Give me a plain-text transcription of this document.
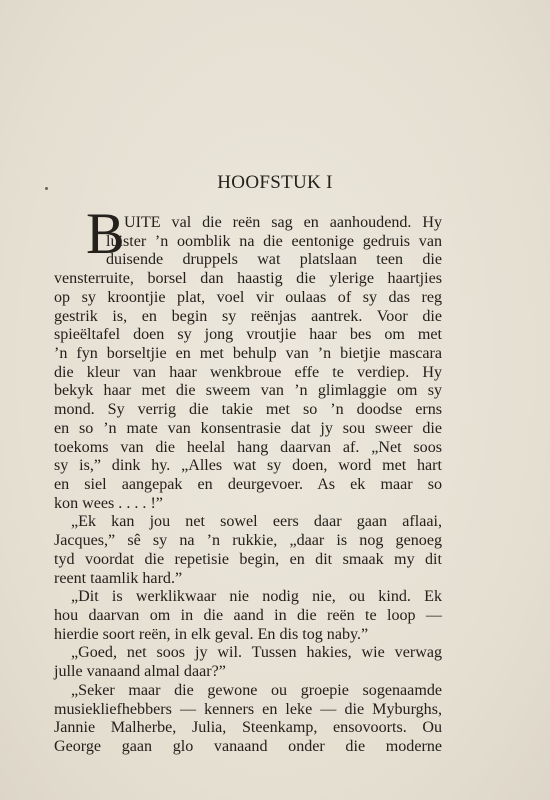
HOOFSTUK I
B UITE val die reën sag en aanhoudend. Hy
luister ’n oomblik na die eentonige gedruis van
duisende druppels wat platslaan teen die
vensterruite, borsel dan haastig die ylerige haartjies
op sy kroontjie plat, voel vir oulaas of sy das reg
gestrik is, en begin sy reënjas aantrek. Voor die
spieëltafel doen sy jong vroutjie haar bes om met
’n fyn borseltjie en met behulp van ’n bietjie mascara
die kleur van haar wenkbroue effe te verdiep. Hy
bekyk haar met die sweem van ’n glimlaggie om sy
mond. Sy verrig die takie met so ’n doodse erns
en so ’n mate van konsentrasie dat jy sou sweer die
toekoms van die heelal hang daarvan af. „Net soos
sy is,” dink hy. „Alles wat sy doen, word met hart
en siel aangepak en deurgevoer. As ek maar so
kon wees . . . . !”
„Ek kan jou net sowel eers daar gaan aflaai,
Jacques,” sê sy na ’n rukkie, „daar is nog genoeg
tyd voordat die repetisie begin, en dit smaak my dit
reent taamlik hard.”
„Dit is werklikwaar nie nodig nie, ou kind. Ek
hou daarvan om in die aand in die reën te loop —
hierdie soort reën, in elk geval. En dis tog naby.”
„Goed, net soos jy wil. Tussen hakies, wie verwag
julle vanaand almal daar?”
„Seker maar die gewone ou groepie sogenaamde
musiekliefhebbers — kenners en leke — die Myburghs,
Jannie Malherbe, Julia, Steenkamp, ensovoorts. Ou
George gaan glo vanaand onder die moderne
